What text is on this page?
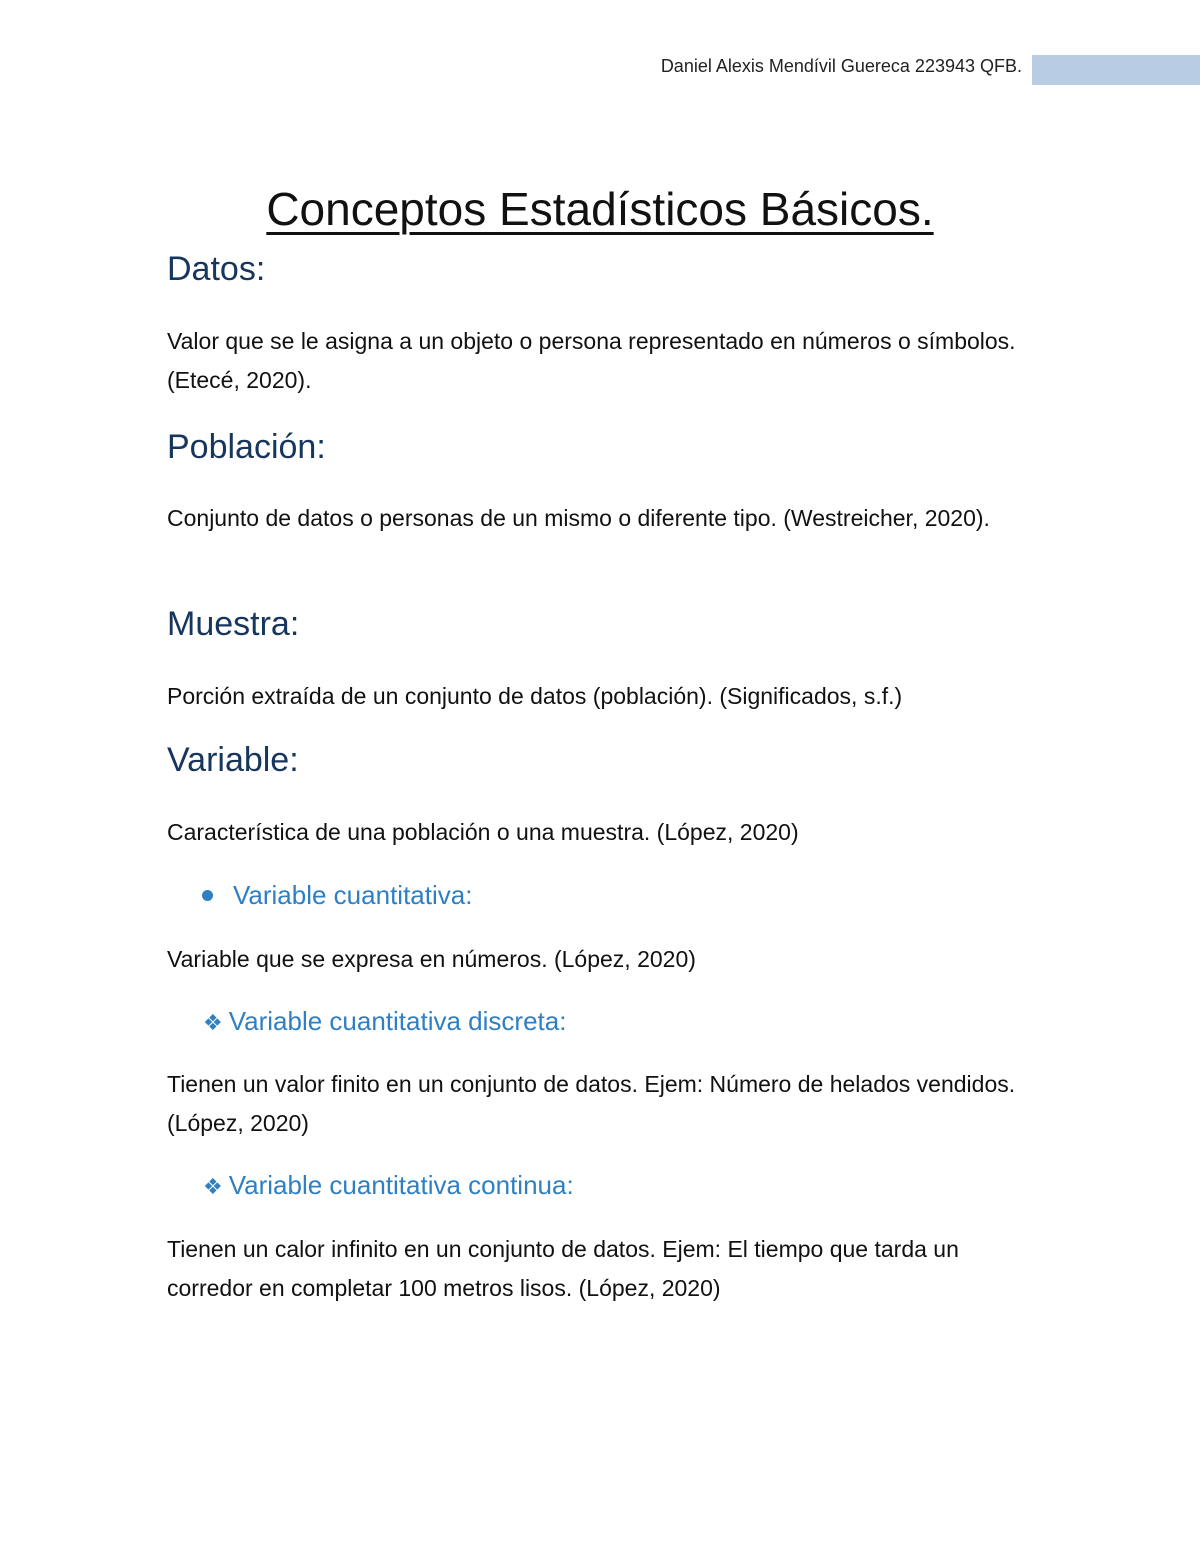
Daniel Alexis Mendívil Guereca 223943 QFB.
Conceptos Estadísticos Básicos.
Datos:
Valor que se le asigna a un objeto o persona representado en números o símbolos. (Etecé, 2020).
Población:
Conjunto de datos o personas de un mismo o diferente tipo. (Westreicher, 2020).
Muestra:
Porción extraída de un conjunto de datos (población). (Significados, s.f.)
Variable:
Característica de una población o una muestra. (López, 2020)
Variable cuantitativa:
Variable que se expresa en números. (López, 2020)
❖ Variable cuantitativa discreta:
Tienen un valor finito en un conjunto de datos. Ejem: Número de helados vendidos. (López, 2020)
❖ Variable cuantitativa continua:
Tienen un calor infinito en un conjunto de datos. Ejem: El tiempo que tarda un corredor en completar 100 metros lisos. (López, 2020)
